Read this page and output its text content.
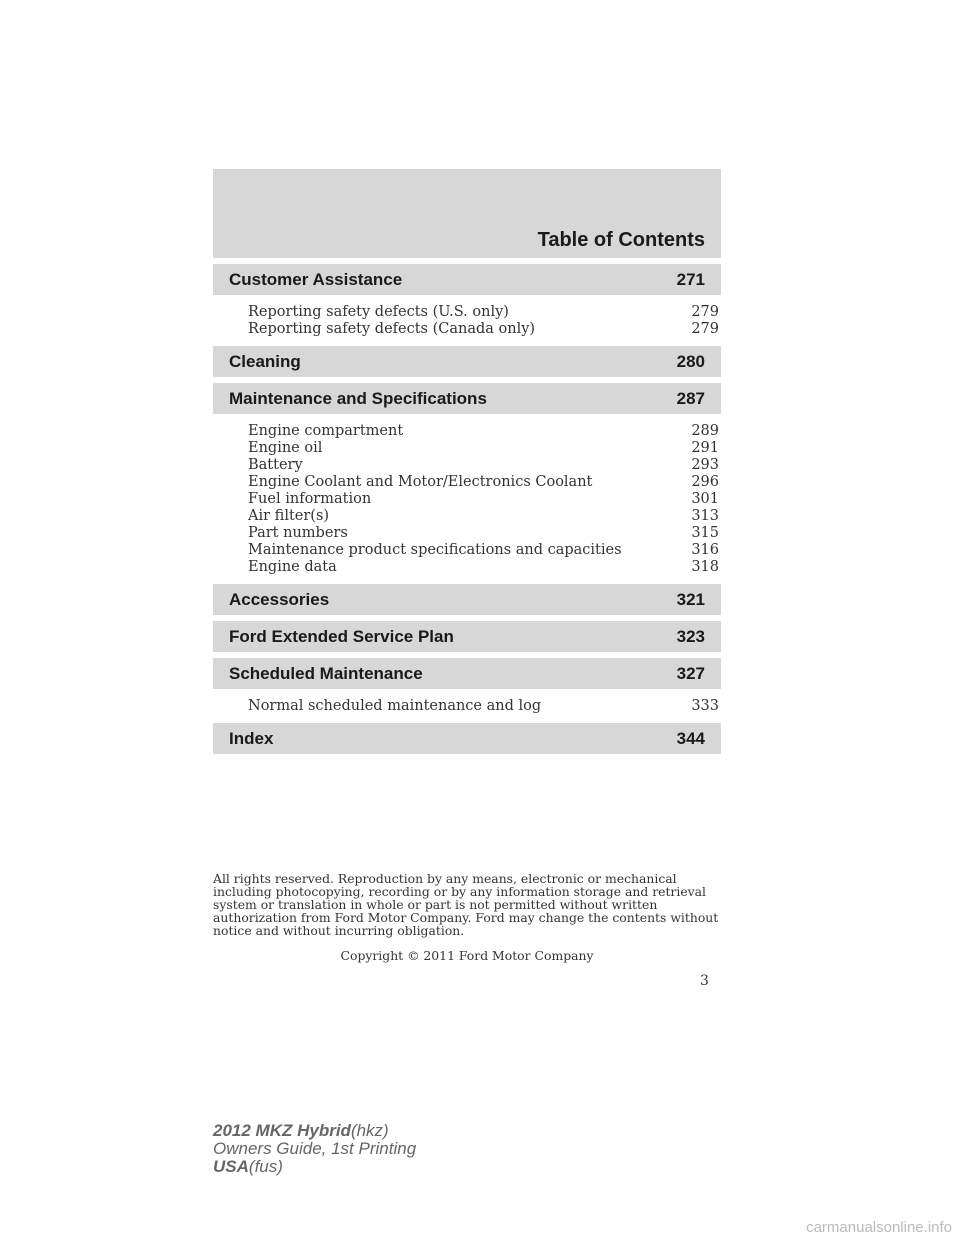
Table of Contents
Customer Assistance	271
Reporting safety defects (U.S. only)	279
Reporting safety defects (Canada only)	279
Cleaning	280
Maintenance and Specifications	287
Engine compartment	289
Engine oil	291
Battery	293
Engine Coolant and Motor/Electronics Coolant	296
Fuel information	301
Air filter(s)	313
Part numbers	315
Maintenance product specifications and capacities	316
Engine data	318
Accessories	321
Ford Extended Service Plan	323
Scheduled Maintenance	327
Normal scheduled maintenance and log	333
Index	344
All rights reserved. Reproduction by any means, electronic or mechanical
including photocopying, recording or by any information storage and retrieval
system or translation in whole or part is not permitted without written
authorization from Ford Motor Company. Ford may change the contents without
notice and without incurring obligation.
Copyright © 2011 Ford Motor Company
3
2012 MKZ Hybrid(hkz)
Owners Guide, 1st Printing
USA(fus)
carmanualsonline.info
